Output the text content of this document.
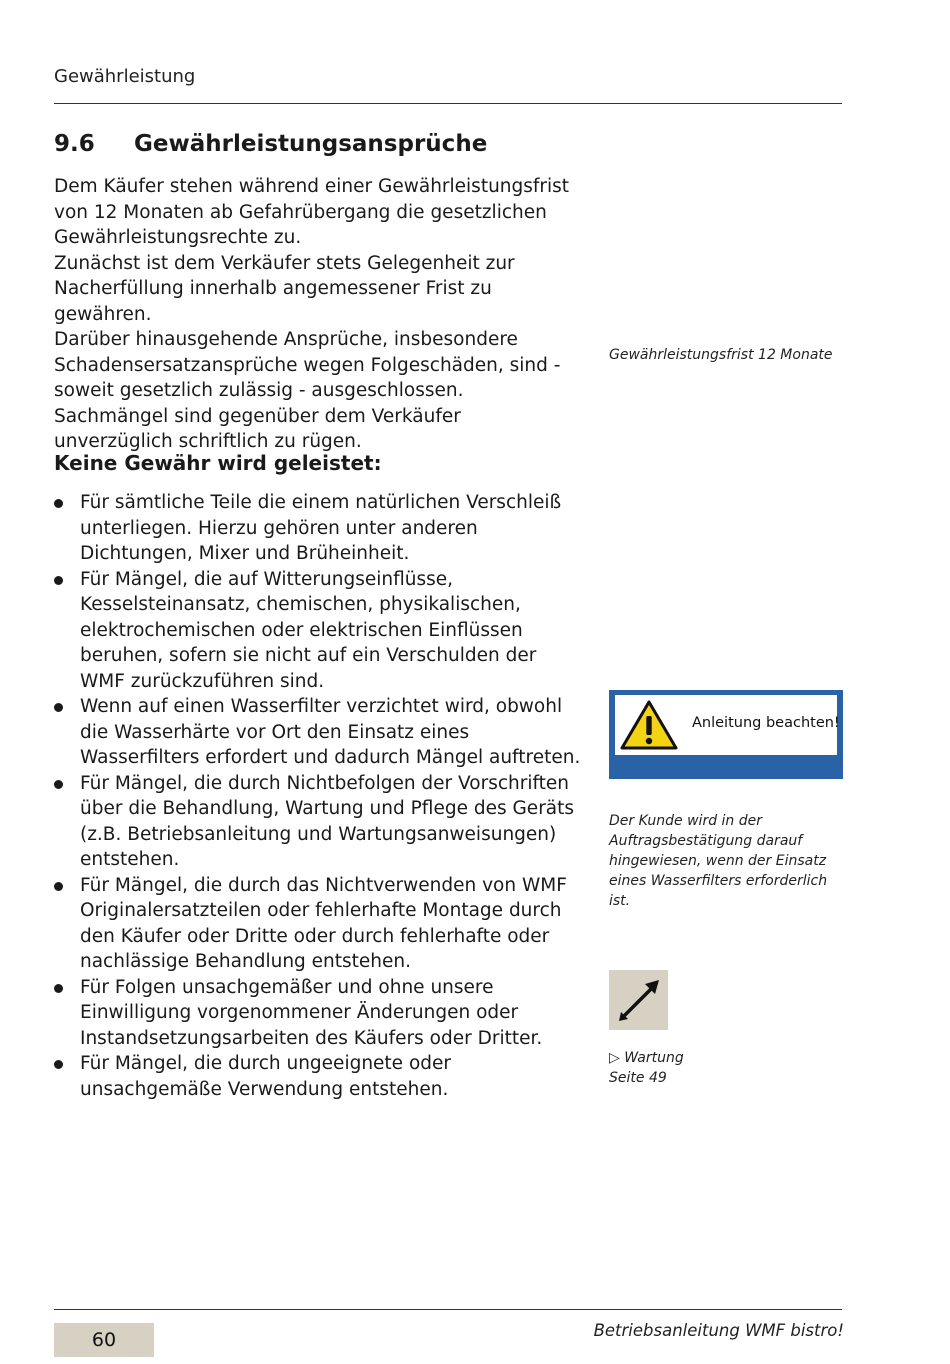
Gewährleistung
9.6 Gewährleistungsansprüche

Dem Käufer stehen während einer Gewährleistungsfrist von 12 Monaten ab Gefahrübergang die gesetzlichen Gewährleistungsrechte zu.

Zunächst ist dem Verkäufer stets Gelegenheit zur Nacherfüllung innerhalb angemessener Frist zu gewähren.

Darüber hinausgehende Ansprüche, insbesondere Schadensersatzansprüche wegen Folgeschäden, sind - soweit gesetzlich zulässig - ausgeschlossen.

Sachmängel sind gegenüber dem Verkäufer unverzüglich schriftlich zu rügen.

Keine Gewähr wird geleistet:
Für sämtliche Teile die einem natürlichen Verschleiß unterliegen. Hierzu gehören unter anderen Dichtungen, Mixer und Brüheinheit.
Für Mängel, die auf Witterungseinflüsse, Kesselsteinansatz, chemischen, physikalischen, elektrochemischen oder elektrischen Einflüssen beruhen, sofern sie nicht auf ein Verschulden der WMF zurückzuführen sind.
Wenn auf einen Wasserfilter verzichtet wird, obwohl die Wasserhärte vor Ort den Einsatz eines Wasserfilters erfordert und dadurch Mängel auftreten.
Für Mängel, die durch Nichtbefolgen der Vorschriften über die Behandlung, Wartung und Pflege des Geräts (z.B. Betriebsanleitung und Wartungsanweisungen) entstehen.
Für Mängel, die durch das Nichtverwenden von WMF Originalersatzteilen oder fehlerhafte Montage durch den Käufer oder Dritte oder durch fehlerhafte oder nachlässige Behandlung entstehen.
Für Folgen unsachgemäßer und ohne unsere Einwilligung vorgenommener Änderungen oder Instandsetzungsarbeiten des Käufers oder Dritter.
Für Mängel, die durch ungeeignete oder unsachgemäße Verwendung entstehen.
Gewährleistungsfrist 12 Monate
Anleitung beachten!
Der Kunde wird in der Auftragsbestätigung darauf hingewiesen, wenn der Einsatz eines Wasserfilters erforderlich ist.
▷ Wartung
Seite 49
60	Betriebsanleitung WMF bistro!
